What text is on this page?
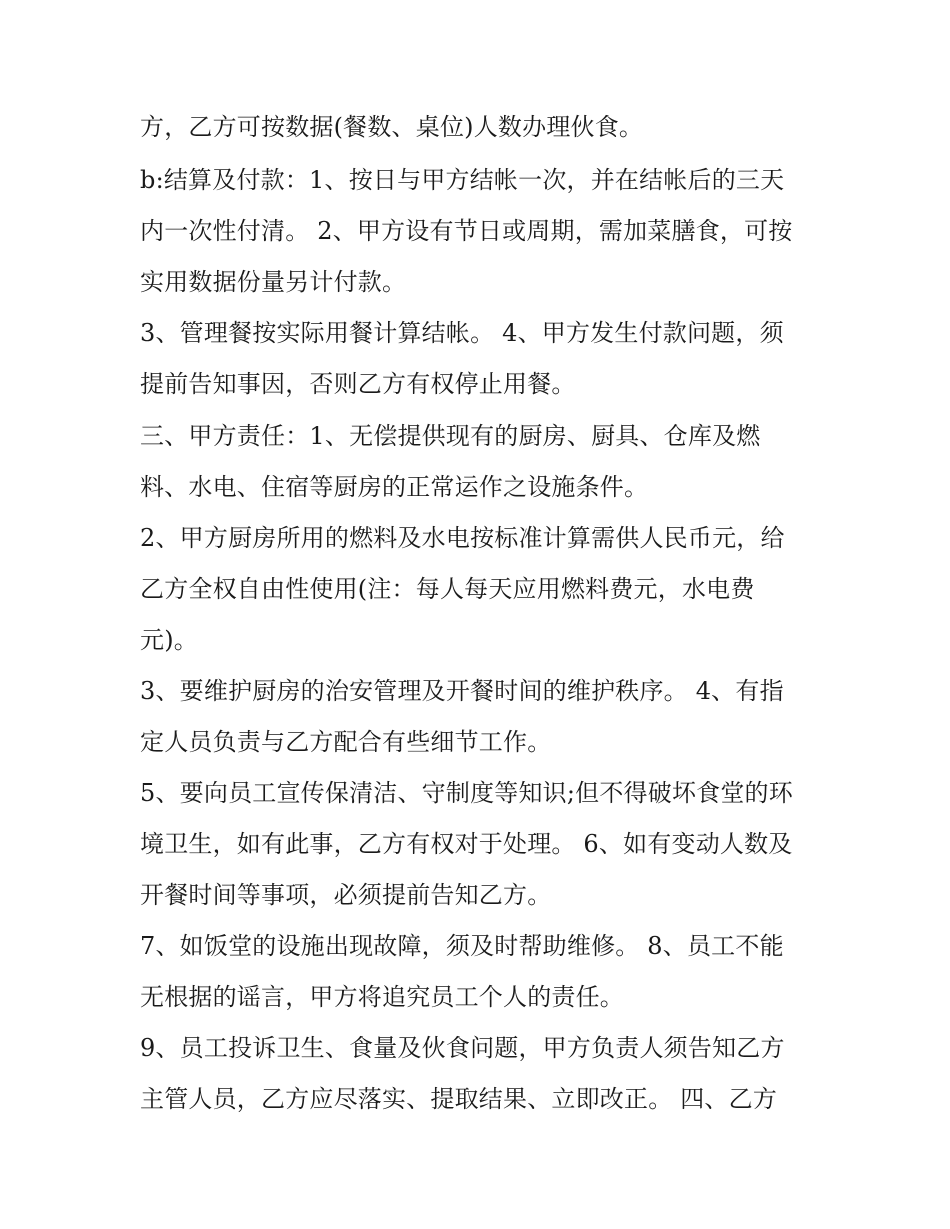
方，乙方可按数据(餐数、桌位)人数办理伙食。
b:结算及付款：1、按日与甲方结帐一次，并在结帐后的三天
内一次性付清。 2、甲方设有节日或周期，需加菜膳食，可按
实用数据份量另计付款。
3、管理餐按实际用餐计算结帐。 4、甲方发生付款问题，须
提前告知事因，否则乙方有权停止用餐。
三、甲方责任：1、无偿提供现有的厨房、厨具、仓库及燃
料、水电、住宿等厨房的正常运作之设施条件。
2、甲方厨房所用的燃料及水电按标准计算需供人民币元，给
乙方全权自由性使用(注：每人每天应用燃料费元，水电费
元)。
3、要维护厨房的治安管理及开餐时间的维护秩序。 4、有指
定人员负责与乙方配合有些细节工作。
5、要向员工宣传保清洁、守制度等知识;但不得破坏食堂的环
境卫生，如有此事，乙方有权对于处理。 6、如有变动人数及
开餐时间等事项，必须提前告知乙方。
7、如饭堂的设施出现故障，须及时帮助维修。 8、员工不能
无根据的谣言，甲方将追究员工个人的责任。
9、员工投诉卫生、食量及伙食问题，甲方负责人须告知乙方
主管人员，乙方应尽落实、提取结果、立即改正。 四、乙方
